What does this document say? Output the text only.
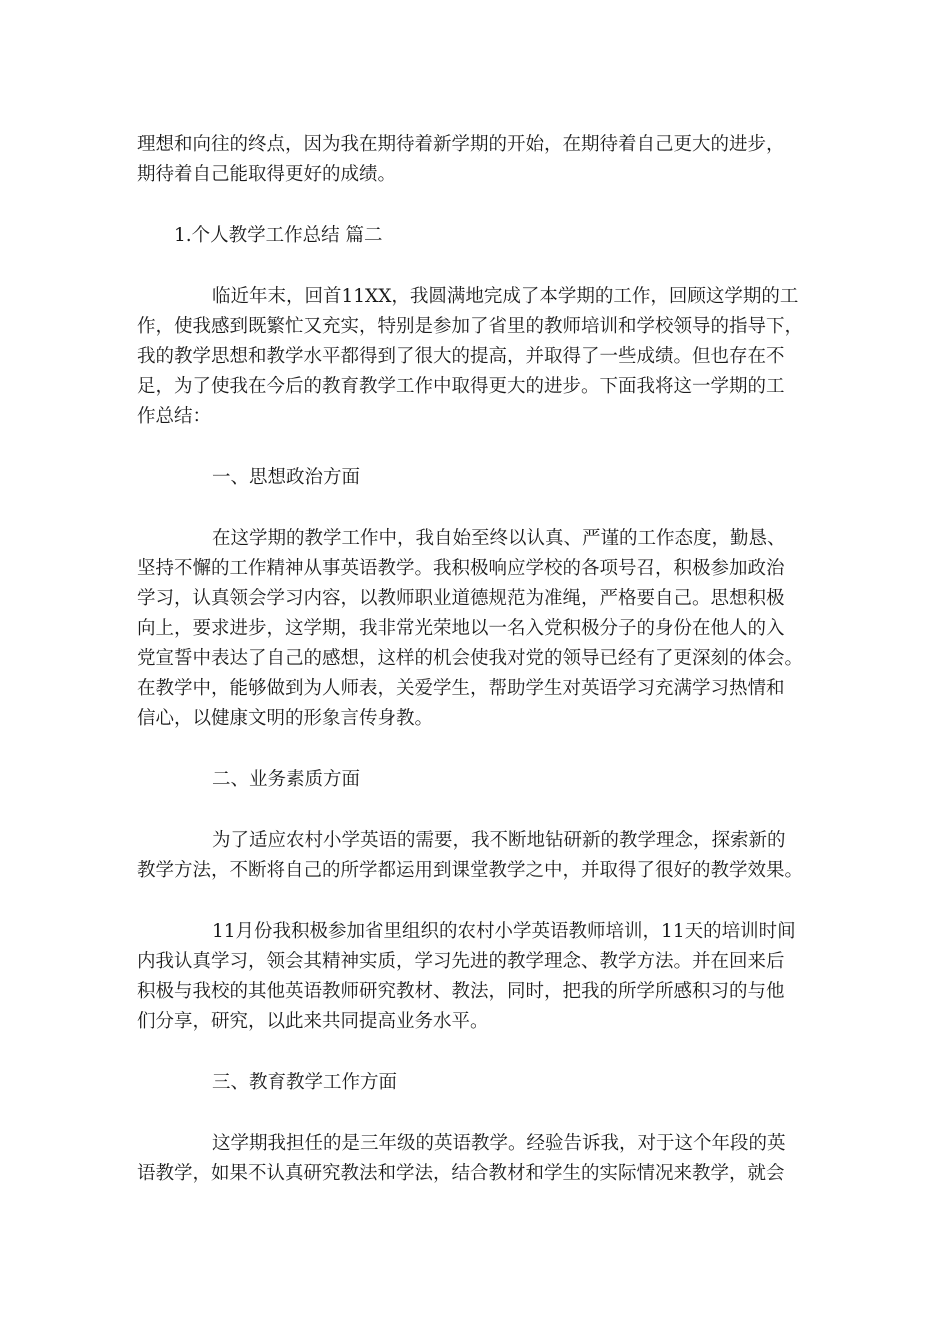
理想和向往的终点，因为我在期待着新学期的开始，在期待着自己更大的进步，
期待着自己能取得更好的成绩。
1.个人教学工作总结 篇二
临近年末，回首11XX，我圆满地完成了本学期的工作，回顾这学期的工
作，使我感到既繁忙又充实，特别是参加了省里的教师培训和学校领导的指导下，
我的教学思想和教学水平都得到了很大的提高，并取得了一些成绩。但也存在不
足，为了使我在今后的教育教学工作中取得更大的进步。下面我将这一学期的工
作总结：
一、思想政治方面
在这学期的教学工作中，我自始至终以认真、严谨的工作态度，勤恳、
坚持不懈的工作精神从事英语教学。我积极响应学校的各项号召，积极参加政治
学习，认真领会学习内容，以教师职业道德规范为准绳，严格要自己。思想积极
向上，要求进步，这学期，我非常光荣地以一名入党积极分子的身份在他人的入
党宣誓中表达了自己的感想，这样的机会使我对党的领导已经有了更深刻的体会。
在教学中，能够做到为人师表，关爱学生，帮助学生对英语学习充满学习热情和
信心，以健康文明的形象言传身教。
二、业务素质方面
为了适应农村小学英语的需要，我不断地钻研新的教学理念，探索新的
教学方法，不断将自己的所学都运用到课堂教学之中，并取得了很好的教学效果。
11月份我积极参加省里组织的农村小学英语教师培训，11天的培训时间
内我认真学习，领会其精神实质，学习先进的教学理念、教学方法。并在回来后
积极与我校的其他英语教师研究教材、教法，同时，把我的所学所感积习的与他
们分享，研究，以此来共同提高业务水平。
三、教育教学工作方面
这学期我担任的是三年级的英语教学。经验告诉我，对于这个年段的英
语教学，如果不认真研究教法和学法，结合教材和学生的实际情况来教学，就会
